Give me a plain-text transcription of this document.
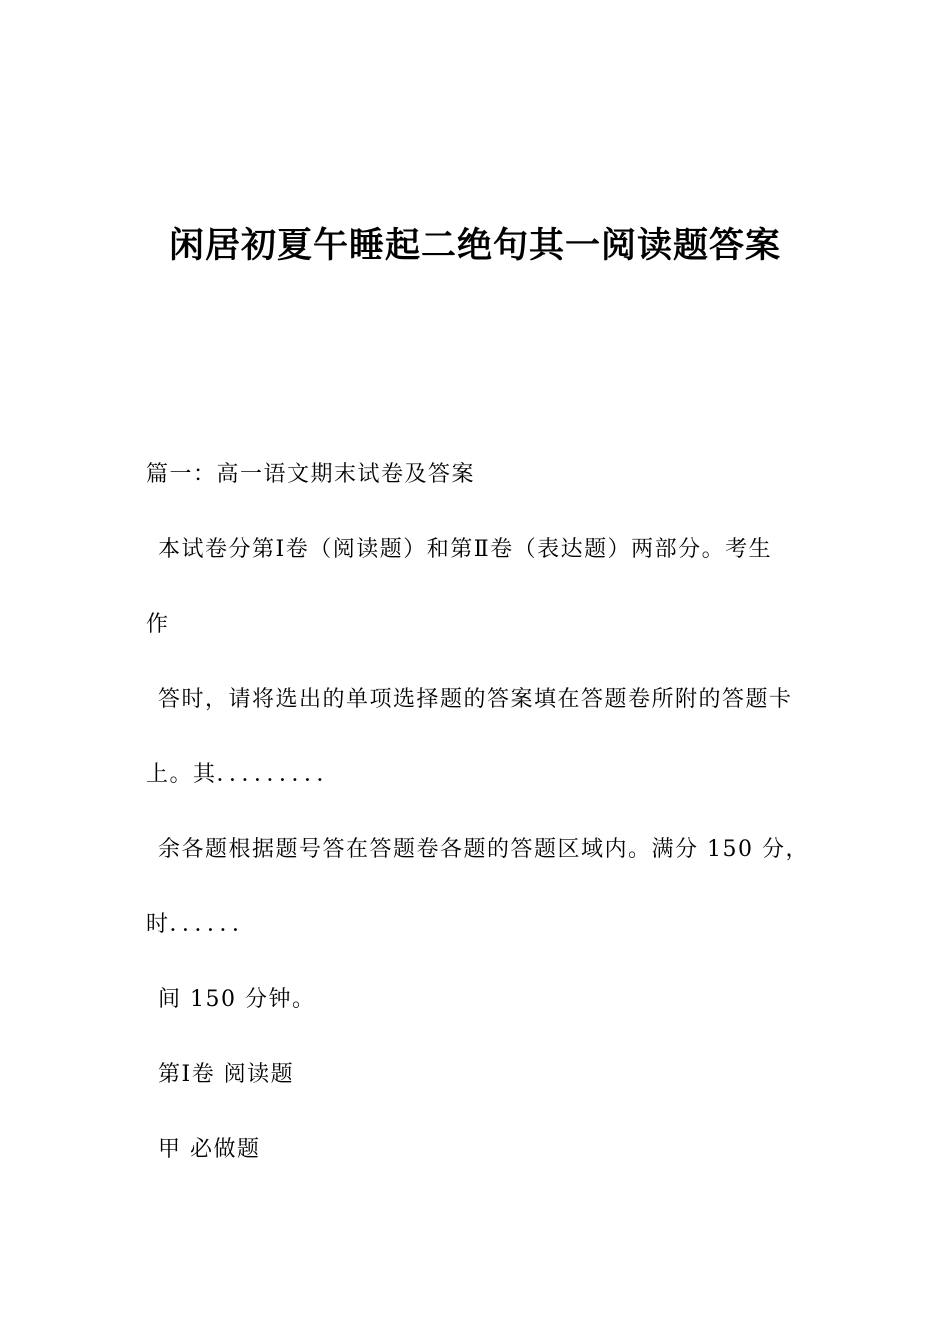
闲居初夏午睡起二绝句其一阅读题答案
篇一：高一语文期末试卷及答案
本试卷分第Ⅰ卷（阅读题）和第Ⅱ卷（表达题）两部分。考生
作
答时，请将选出的单项选择题的答案填在答题卷所附的答题卡
上。其．．．．．．．．．
余各题根据题号答在答题卷各题的答题区域内。满分 150 分，
时．．．．．．
间 150 分钟。
第Ⅰ卷 阅读题
甲 必做题
